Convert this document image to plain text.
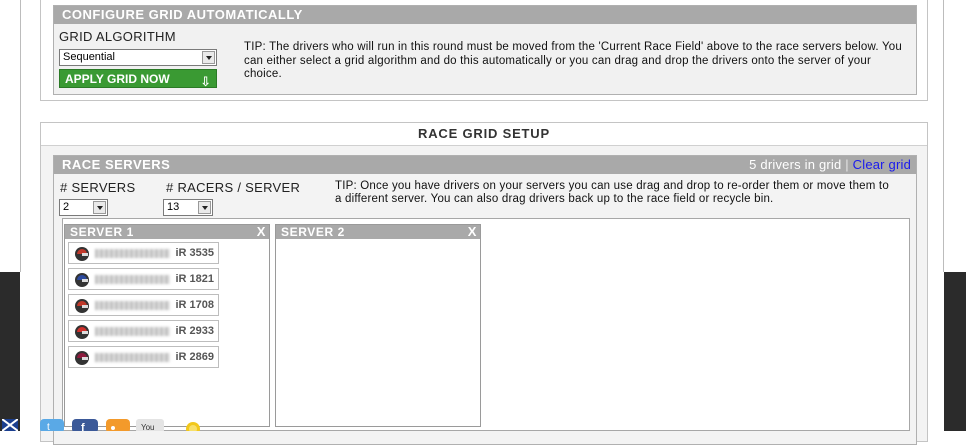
CONFIGURE GRID AUTOMATICALLY
GRID ALGORITHM
Sequential
APPLY GRID NOW ⇩
TIP: The drivers who will run in this round must be moved from the 'Current Race Field' above to the race servers below. You can either select a grid algorithm and do this automatically or you can drag and drop the drivers onto the server of your choice.
RACE GRID SETUP
RACE SERVERS	5 drivers in grid | Clear grid
# SERVERS # RACERS / SERVER
2	13
TIP: Once you have drivers on your servers you can use drag and drop to re-order them or move them to a different server. You can also drag drivers back up to the race field or recycle bin.
SERVER 1	X
iR 3535
iR 1821
iR 1708
iR 2933
iR 2869
SERVER 2	X
t	f	You
